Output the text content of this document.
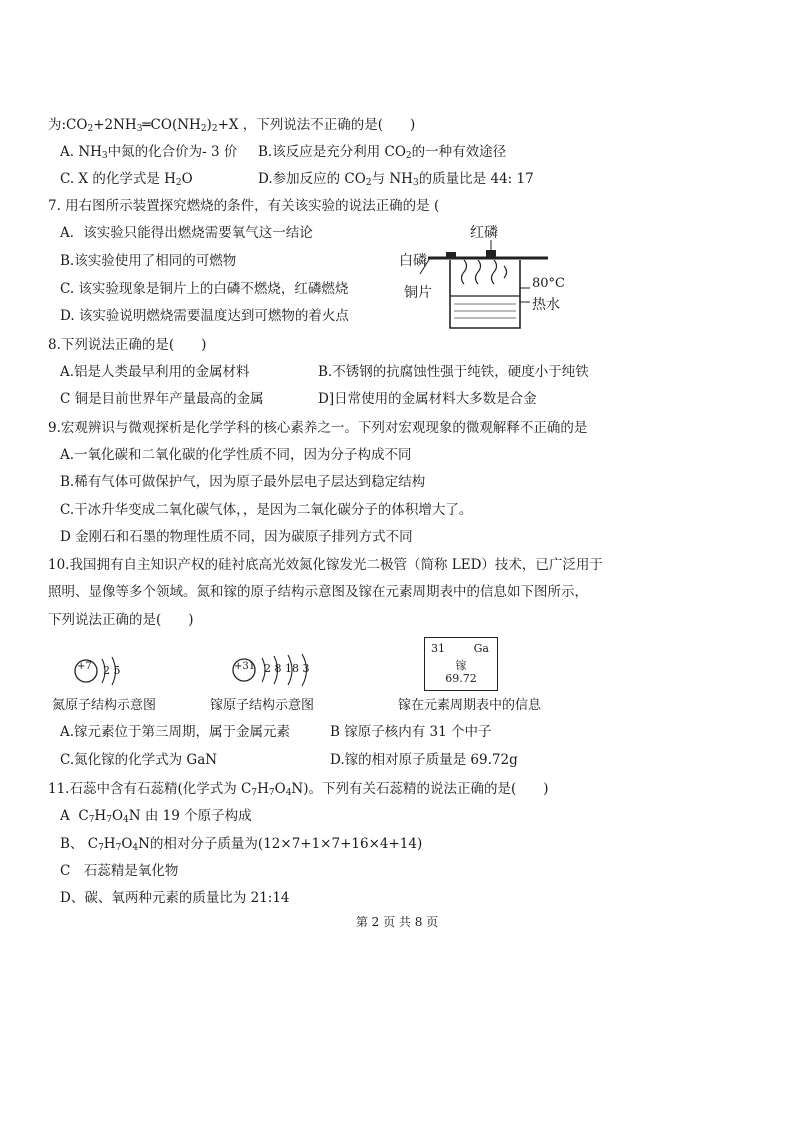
为$:CO_2+2NH_3═CO(NH_2)_2+X$ ，下列说法不正确的是(　　)
A. $NH_3$中氮的化合价为- 3 价 B.该反应是充分利用 $CO_2$的一种有效途径
C. X 的化学式是 $H_2O$	D.参加反应的 $CO_2$与 $NH_3$的质量比是 44: 17
7. 用右图所示装置探究燃烧的条件，有关该实验的说法正确的是 (
A．该实验只能得出燃烧需要氧气这一结论
B.该实验使用了相同的可燃物
C. 该实验现象是铜片上的白磷不燃烧，红磷燃烧
D. 该实验说明燃烧需要温度达到可燃物的着火点
红磷
白磷
铜片
80°C
热水
8.下列说法正确的是(　　)
A.铝是人类最早利用的金属材料	B.不锈钢的抗腐蚀性强于纯铁，硬度小于纯铁
C 铜是目前世界年产量最高的金属	D]日常使用的金属材料大多数是合金
9.宏观辨识与微观探析是化学学科的核心素养之一。下列对宏观现象的微观解释不正确的是
A.一氧化碳和二氧化碳的化学性质不同，因为分子构成不同
B.稀有气体可做保护气，因为原子最外层电子层达到稳定结构
C.干冰升华变成二氧化碳气体，，是因为二氧化碳分子的体积增大了。
D 金刚石和石墨的物理性质不同，因为碳原子排列方式不同
10.我国拥有自主知识产权的硅衬底高光效氮化镓发光二极管（简称 LED）技术，已广泛用于
照明、显像等多个领域。氮和镓的原子结构示意图及镓在元素周期表中的信息如下图所示，
下列说法正确的是(　　)
+7 2 5	+31 2 8 18 3
31	Ga
镓
69.72
氮原子结构示意图	镓原子结构示意图	镓在元素周期表中的信息
A.镓元素位于第三周期，属于金属元素	B 镓原子核内有 31 个中子
C.氮化镓的化学式为 GaN	D.镓的相对原子质量是 69.72g
11.石蕊中含有石蕊精(化学式为 $C_7H_7O_4N$)。下列有关石蕊精的说法正确的是(　　)
A $C_7H_7O_4N$ 由 19 个原子构成
B、 $C_7H_7O_4N$的相对分子质量为(12×7+1×7+16×4+14)
C　石蕊精是氧化物
D、碳、氧两种元素的质量比为 21:14
第 2 页 共 8 页
